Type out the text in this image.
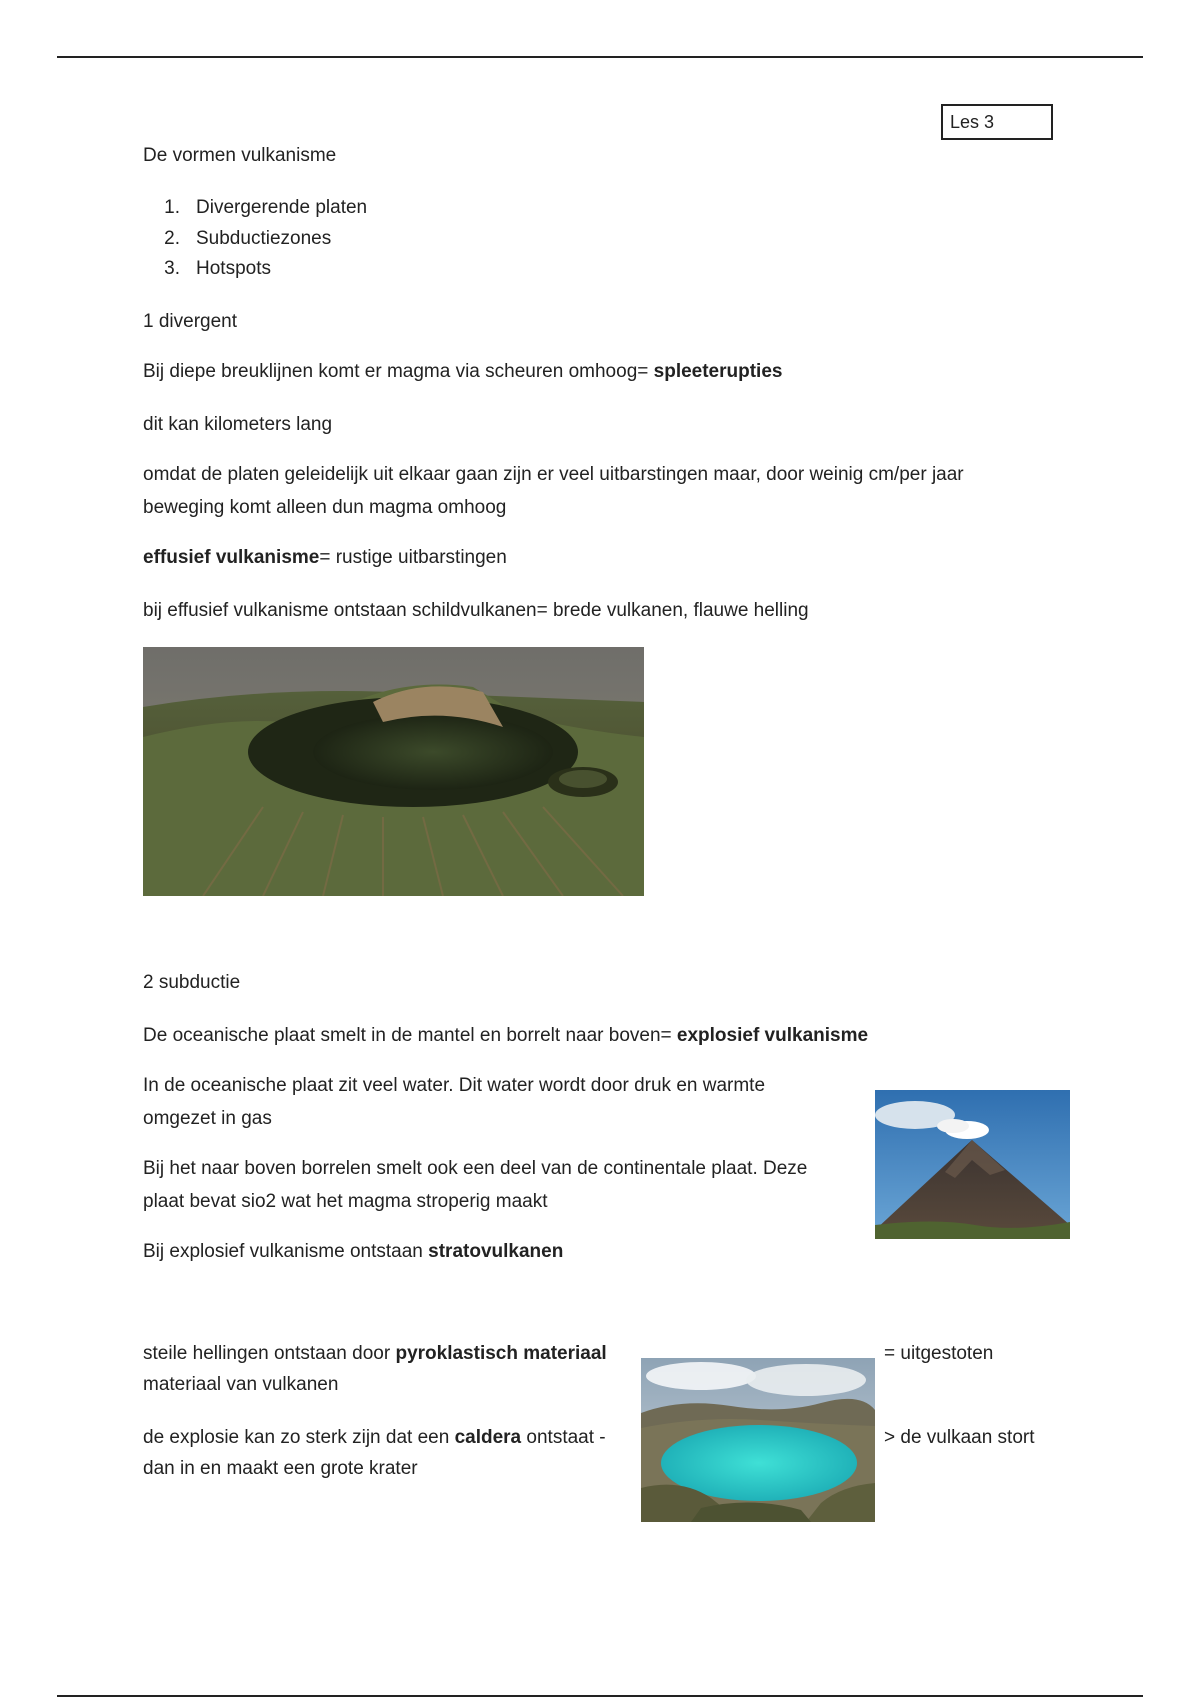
Les 3
De vormen vulkanisme
1. Divergerende platen
2. Subductiezones
3. Hotspots
1 divergent
Bij diepe breuklijnen komt er magma via scheuren omhoog= spleeterupties
dit kan kilometers lang
omdat de platen geleidelijk uit elkaar gaan zijn er veel uitbarstingen maar, door weinig cm/per jaar
beweging komt alleen dun magma omhoog
effusief vulkanisme= rustige uitbarstingen
bij effusief vulkanisme ontstaan schildvulkanen= brede vulkanen, flauwe helling
2 subductie
De oceanische plaat smelt in de mantel en borrelt naar boven= explosief vulkanisme
In de oceanische plaat zit veel water. Dit water wordt door druk en warmte
omgezet in gas
Bij het naar boven borrelen smelt ook een deel van de continentale plaat. Deze
plaat bevat sio2 wat het magma stroperig maakt
Bij explosief vulkanisme ontstaan stratovulkanen
steile hellingen ontstaan door pyroklastisch materiaal	= uitgestoten
materiaal van vulkanen
de explosie kan zo sterk zijn dat een caldera ontstaat -	> de vulkaan stort
dan in en maakt een grote krater
